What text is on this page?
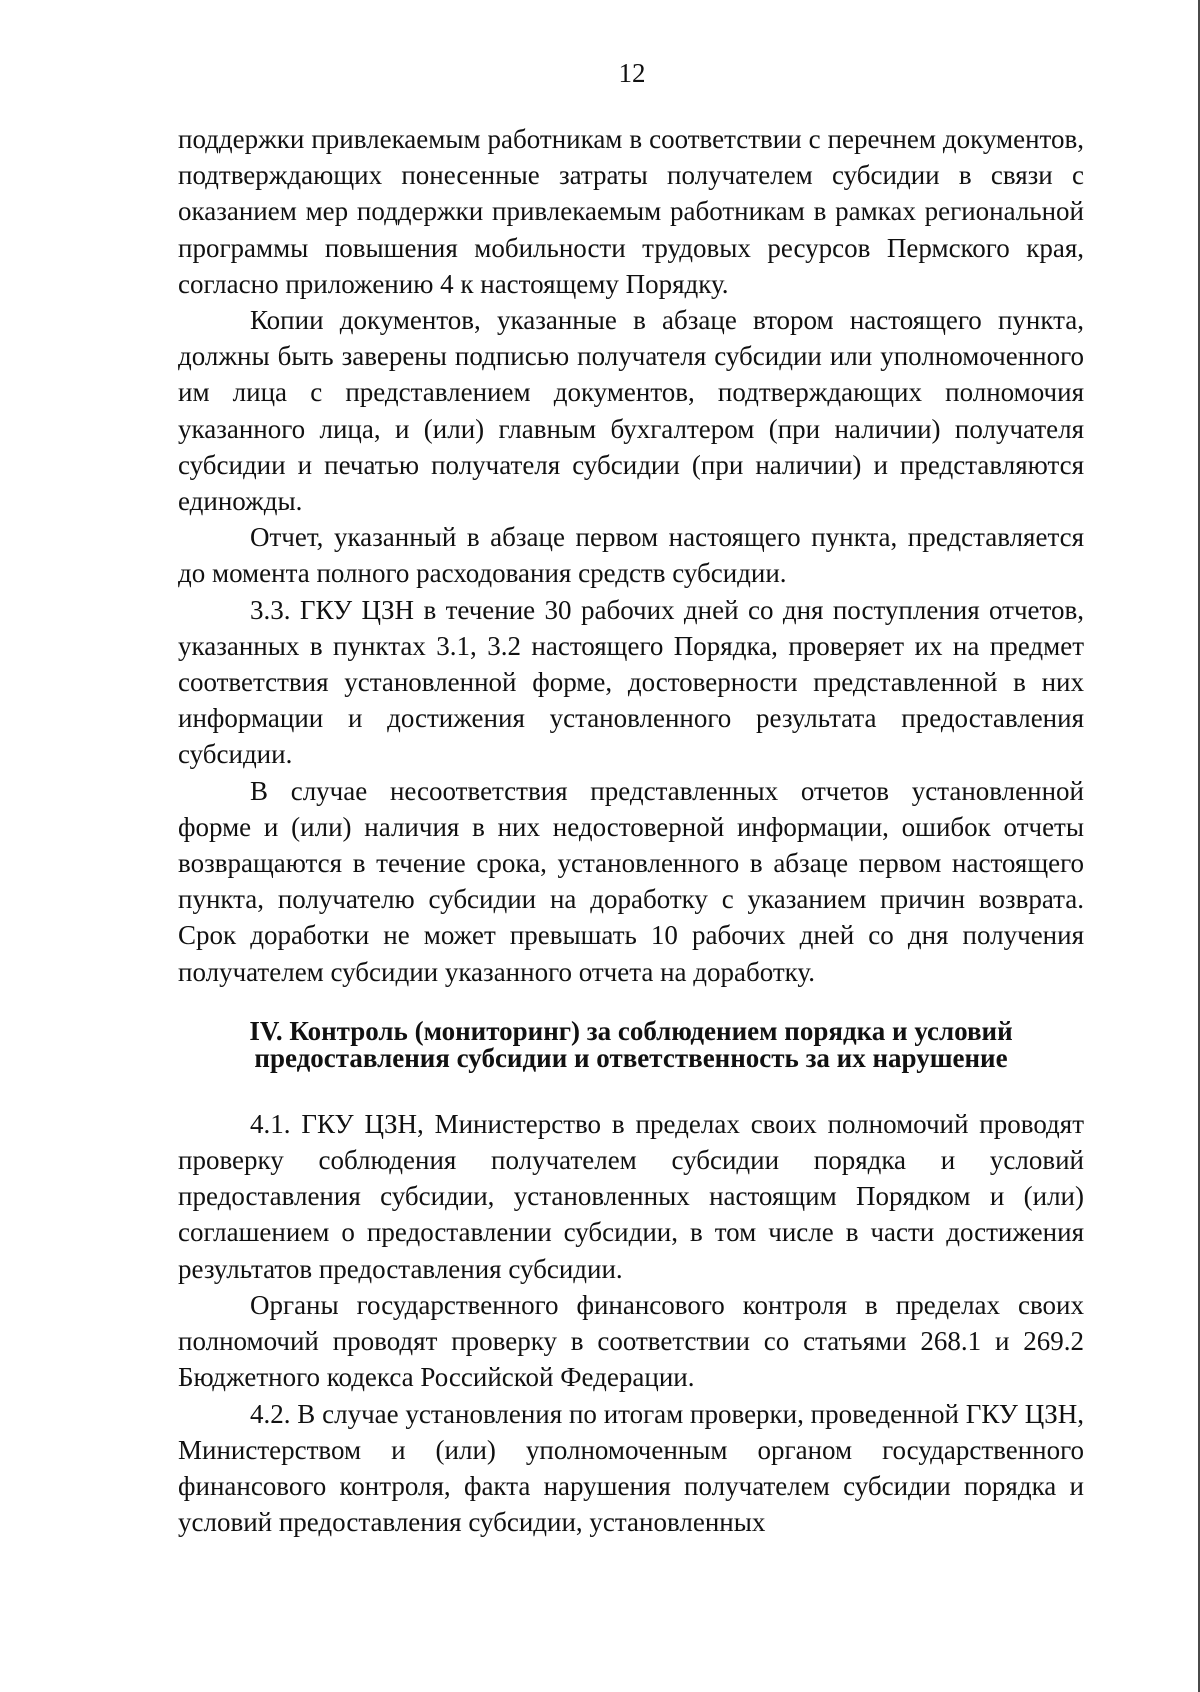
12

поддержки привлекаемым работникам в соответствии с перечнем документов, подтверждающих понесенные затраты получателем субсидии в связи с оказанием мер поддержки привлекаемым работникам в рамках региональной программы повышения мобильности трудовых ресурсов Пермского края, согласно приложению 4 к настоящему Порядку.

Копии документов, указанные в абзаце втором настоящего пункта, должны быть заверены подписью получателя субсидии или уполномоченного им лица с представлением документов, подтверждающих полномочия указанного лица, и (или) главным бухгалтером (при наличии) получателя субсидии и печатью получателя субсидии (при наличии) и представляются единожды.

Отчет, указанный в абзаце первом настоящего пункта, представляется до момента полного расходования средств субсидии.

3.3. ГКУ ЦЗН в течение 30 рабочих дней со дня поступления отчетов, указанных в пунктах 3.1, 3.2 настоящего Порядка, проверяет их на предмет соответствия установленной форме, достоверности представленной в них информации и достижения установленного результата предоставления субсидии.

В случае несоответствия представленных отчетов установленной форме и (или) наличия в них недостоверной информации, ошибок отчеты возвращаются в течение срока, установленного в абзаце первом настоящего пункта, получателю субсидии на доработку с указанием причин возврата. Срок доработки не может превышать 10 рабочих дней со дня получения получателем субсидии указанного отчета на доработку.

IV. Контроль (мониторинг) за соблюдением порядка и условий
предоставления субсидии и ответственность за их нарушение

4.1. ГКУ ЦЗН, Министерство в пределах своих полномочий проводят проверку соблюдения получателем субсидии порядка и условий предоставления субсидии, установленных настоящим Порядком и (или) соглашением о предоставлении субсидии, в том числе в части достижения результатов предоставления субсидии.

Органы государственного финансового контроля в пределах своих полномочий проводят проверку в соответствии со статьями 268.1 и 269.2 Бюджетного кодекса Российской Федерации.

4.2. В случае установления по итогам проверки, проведенной ГКУ ЦЗН, Министерством и (или) уполномоченным органом государственного финансового контроля, факта нарушения получателем субсидии порядка и условий предоставления субсидии, установленных
